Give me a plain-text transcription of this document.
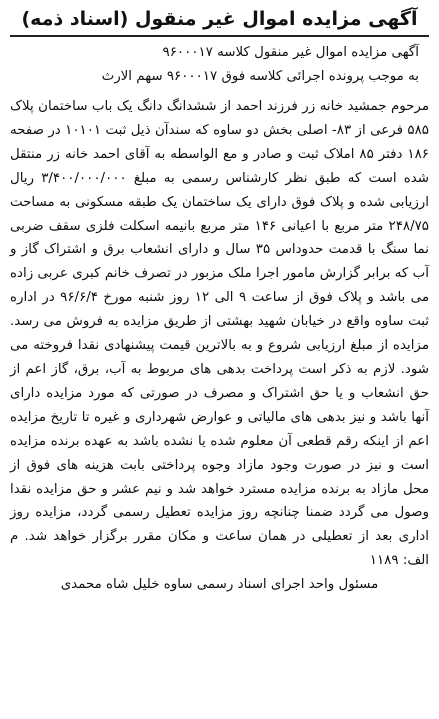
آگهی مزایده اموال غیر منقول (اسناد ذمه)

آگهی مزایده اموال غیر منقول کلاسه ۹۶۰۰۰۱۷

به موجب پرونده اجرائی کلاسه فوق ۹۶۰۰۰۱۷ سهم الارث

مرحوم جمشید خانه زر فرزند احمد از ششدانگ دانگ یک باب ساختمان پلاک ۵۸۵ فرعی از ۸۳- اصلی بخش دو ساوه که سندآن ذیل ثبت ۱۰۱۰۱ در صفحه ۱۸۶ دفتر ۸۵ املاک ثبت و صادر و مع الواسطه به آقای احمد خانه زر منتقل شده است که طبق نظر کارشناس رسمی به مبلغ ۳/۴۰۰/۰۰۰/۰۰۰ ریال ارزیابی شده و پلاک فوق دارای یک ساختمان یک طبقه مسکونی به مساحت ۲۴۸/۷۵ متر مربع با اعیانی ۱۴۶ متر مربع بانیمه اسکلت فلزی سقف ضربی نما سنگ با قدمت حدوداس ۳۵ سال و دارای انشعاب برق و اشتراک گاز و آب که برابر گزارش مامور اجرا ملک مزبور در تصرف خانم کبری عربی زاده می باشد و پلاک فوق از ساعت ۹ الی ۱۲ روز شنبه مورخ ۹۶/۶/۴ در اداره ثبت ساوه واقع در خیابان شهید بهشتی از طریق مزایده به فروش می رسد. مزایده از مبلغ ارزیابی شروع و به بالاترین قیمت پیشنهادی نقدا فروخته می شود. لازم به ذکر است پرداخت بدهی های مربوط به آب، برق، گاز اعم از حق انشعاب و یا حق اشتراک و مصرف در صورتی که مورد مزایده دارای آنها باشد و نیز بدهی های مالیاتی و عوارض شهرداری و غیره تا تاریخ مزایده اعم از اینکه رقم قطعی آن معلوم شده یا نشده باشد به عهده برنده مزایده است و نیز در صورت وجود مازاد وجوه پرداختی بابت هزینه های فوق از محل مازاد به برنده مزایده مسترد خواهد شد و نیم عشر و حق مزایده نقدا وصول می گردد ضمنا چنانچه روز مزایده تعطیل رسمی گردد، مزایده روز اداری بعد از تعطیلی در همان ساعت و مکان مقرر برگزار خواهد شد. م الف: ۱۱۸۹

مسئول واحد اجرای اسناد رسمی ساوه خلیل شاه محمدی
